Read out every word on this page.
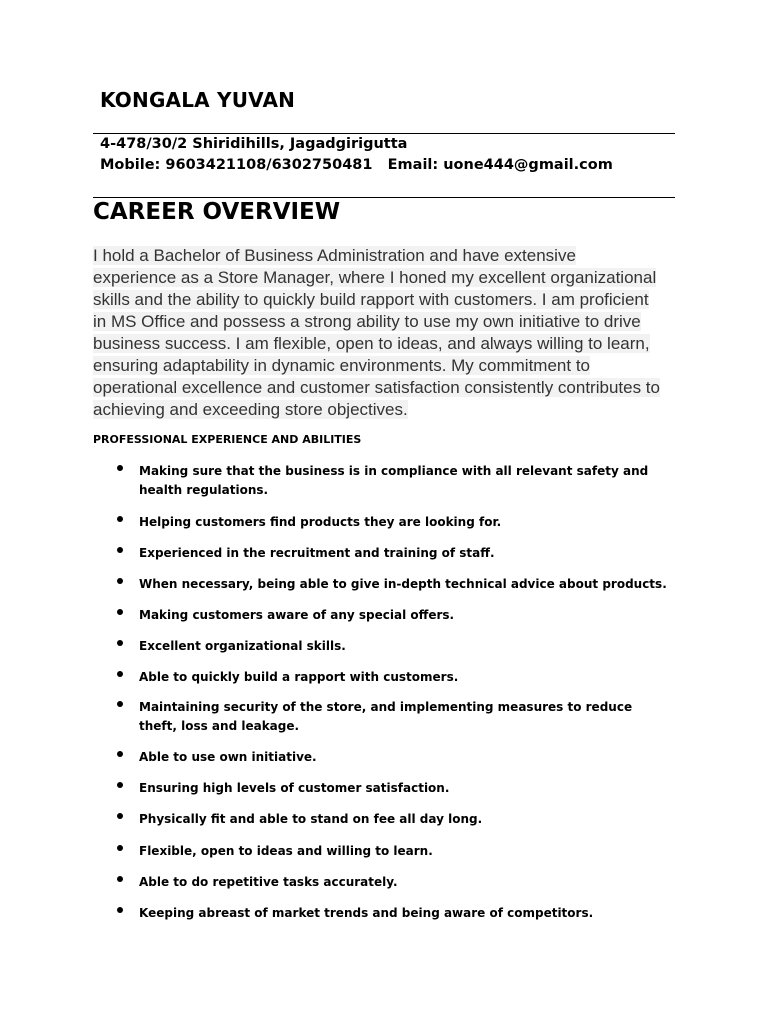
KONGALA YUVAN
4-478/30/2 Shiridihills, Jagadgirigutta
Mobile: 9603421108/6302750481 Email: uone444@gmail.com
CAREER OVERVIEW
I hold a Bachelor of Business Administration and have extensive
experience as a Store Manager, where I honed my excellent organizational
skills and the ability to quickly build rapport with customers. I am proficient
in MS Office and possess a strong ability to use my own initiative to drive
business success. I am flexible, open to ideas, and always willing to learn,
ensuring adaptability in dynamic environments. My commitment to
operational excellence and customer satisfaction consistently contributes to
achieving and exceeding store objectives.
PROFESSIONAL EXPERIENCE AND ABILITIES
Making sure that the business is in compliance with all relevant safety and health regulations.
Helping customers find products they are looking for.
Experienced in the recruitment and training of staff.
When necessary, being able to give in-depth technical advice about products.
Making customers aware of any special offers.
Excellent organizational skills.
Able to quickly build a rapport with customers.
Maintaining security of the store, and implementing measures to reduce theft, loss and leakage.
Able to use own initiative.
Ensuring high levels of customer satisfaction.
Physically fit and able to stand on fee all day long.
Flexible, open to ideas and willing to learn.
Able to do repetitive tasks accurately.
Keeping abreast of market trends and being aware of competitors.
